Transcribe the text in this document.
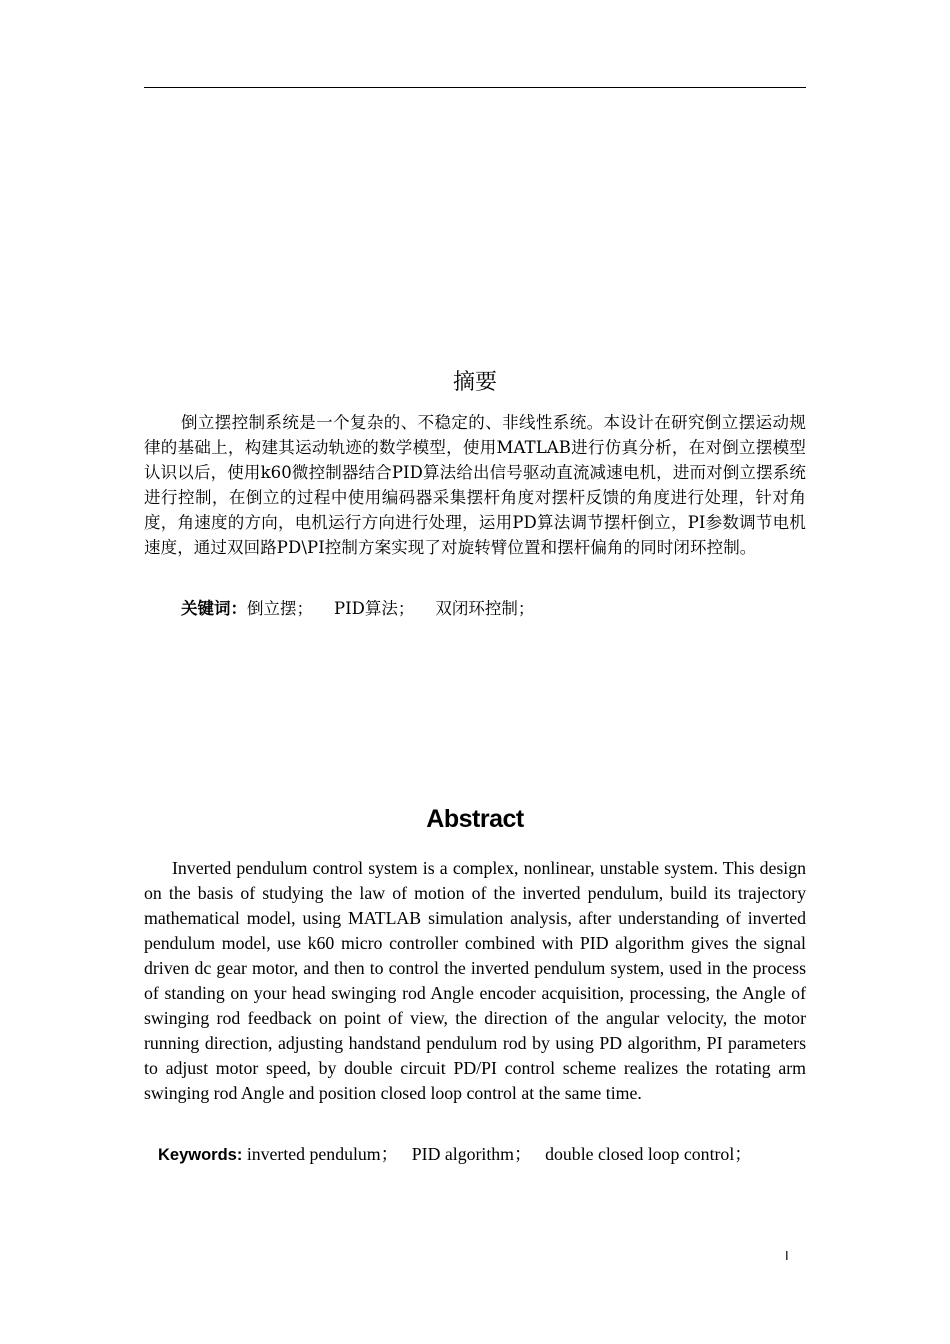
摘要

倒立摆控制系统是一个复杂的、不稳定的、非线性系统。本设计在研究倒立摆运动规律的基础上，构建其运动轨迹的数学模型，使用MATLAB进行仿真分析，在对倒立摆模型认识以后，使用k60微控制器结合PID算法给出信号驱动直流减速电机，进而对倒立摆系统进行控制，在倒立的过程中使用编码器采集摆杆角度对摆杆反馈的角度进行处理，针对角度，角速度的方向，电机运行方向进行处理，运用PD算法调节摆杆倒立，PI参数调节电机速度，通过双回路PD\PI控制方案实现了对旋转臂位置和摆杆偏角的同时闭环控制。

关键词：倒立摆； PID算法； 双闭环控制；
Abstract

Inverted pendulum control system is a complex, nonlinear, unstable system. This design on the basis of studying the law of motion of the inverted pendulum, build its trajectory mathematical model, using MATLAB simulation analysis, after understanding of inverted pendulum model, use k60 micro controller combined with PID algorithm gives the signal driven dc gear motor, and then to control the inverted pendulum system, used in the process of standing on your head swinging rod Angle encoder acquisition, processing, the Angle of swinging rod feedback on point of view, the direction of the angular velocity, the motor running direction, adjusting handstand pendulum rod by using PD algorithm, PI parameters to adjust motor speed, by double circuit PD/PI control scheme realizes the rotating arm swinging rod Angle and position closed loop control at the same time.

Keywords: inverted pendulum； PID algorithm； double closed loop control；
I
